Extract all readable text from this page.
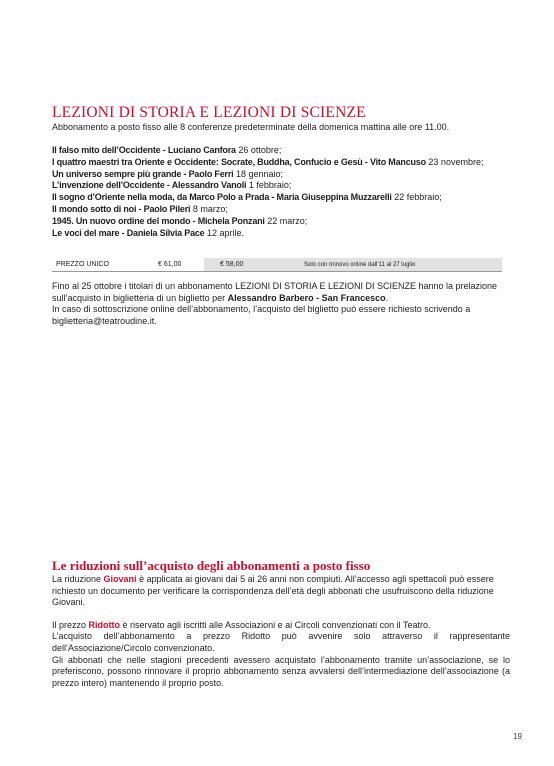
LEZIONI DI STORIA E LEZIONI DI SCIENZE
Abbonamento a posto fisso alle 8 conferenze predeterminate della domenica mattina alle ore 11.00.
Il falso mito dell’Occidente - Luciano Canfora 26 ottobre;
I quattro maestri tra Oriente e Occidente: Socrate, Buddha, Confucio e Gesù - Vito Mancuso 23 novembre;
Un universo sempre più grande - Paolo Ferri 18 gennaio;
L’invenzione dell’Occidente - Alessandro Vanoli 1 febbraio;
Il sogno d’Oriente nella moda, da Marco Polo a Prada - Maria Giuseppina Muzzarelli 22 febbraio;
Il mondo sotto di noi - Paolo Pileri 8 marzo;
1945. Un nuovo ordine del mondo - Michela Ponzani 22 marzo;
Le voci del mare - Daniela Silvia Pace 12 aprile.
PREZZO UNICO	€ 61,00	€ 58,00	Solo con rinnovo online dall’11 al 27 luglio

Fino al 25 ottobre i titolari di un abbonamento LEZIONI DI STORIA E LEZIONI DI SCIENZE hanno la prelazione sull’acquisto in biglietteria di un biglietto per Alessandro Barbero - San Francesco.

In caso di sottoscrizione online dell’abbonamento, l’acquisto del biglietto può essere richiesto scrivendo a biglietteria@teatroudine.it.

Le riduzioni sull’acquisto degli abbonamenti a posto fisso

La riduzione Giovani è applicata ai giovani dai 5 ai 26 anni non compiuti. All’accesso agli spettacoli può essere richiesto un documento per verificare la corrispondenza dell’età degli abbonati che usufruiscono della riduzione Giovani.

Il prezzo Ridotto è riservato agli iscritti alle Associazioni e ai Circoli convenzionati con il Teatro.

L’acquisto dell’abbonamento a prezzo Ridotto può avvenire solo attraverso il rappresentante dell’Associazione/Circolo convenzionato.

Gli abbonati che nelle stagioni precedenti avessero acquistato l’abbonamento tramite un’associazione, se lo preferiscono, possono rinnovare il proprio abbonamento senza avvalersi dell’intermediazione dell’associazione (a prezzo intero) mantenendo il proprio posto.

19
